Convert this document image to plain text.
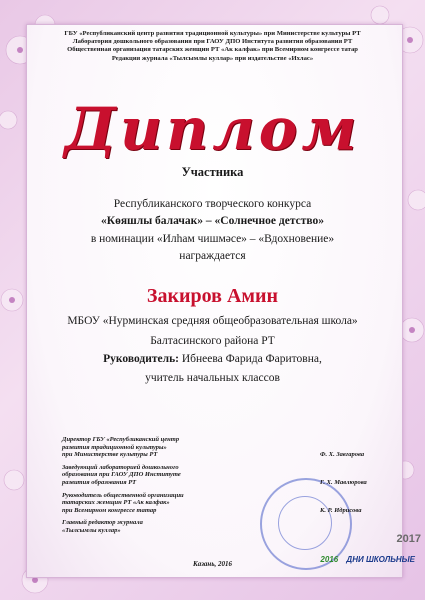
ГБУ «Республиканский центр развития традиционной культуры» при Министерстве культуры РТ
Лаборатория дошкольного образования при ГАОУ ДПО Института развития образования РТ
Общественная организация татарских женщин РТ «Ак калфак» при Всемирном конгрессе татар
Редакция журнала «Тылсымлы куллар» при издательстве «Ихлас»
Диплом
Участника
Республиканского творческого конкурса
«Көяшлы балачак» – «Солнечное детство»
в номинации «Илһам чишмәсе» – «Вдохновение»
награждается
Закиров Амин
МБОУ «Нурминская средняя общеобразовательная школа»
Балтасинского района РТ
Руководитель: Ибнеева Фарида Фаритовна,
учитель начальных классов
Директор ГБУ «Республиканский центр
развития традиционной культуры»
при Министерстве культуры РТ	Ф. Х. Завгарова
Заведующий лабораторией дошкольного
образования при ГАОУ ДПО Институте
развития образования РТ	Г. Х. Мавлюрова
Руководитель общественной организации
татарских женщин РТ «Ак калфак»
при Всемирном конгрессе татар	К. Р. Идрисова
Главный редактор журнала
«Тылсымлы куллар»
Казань, 2016
2017
2016 ДНИ ШКОЛЬНЫЕ
